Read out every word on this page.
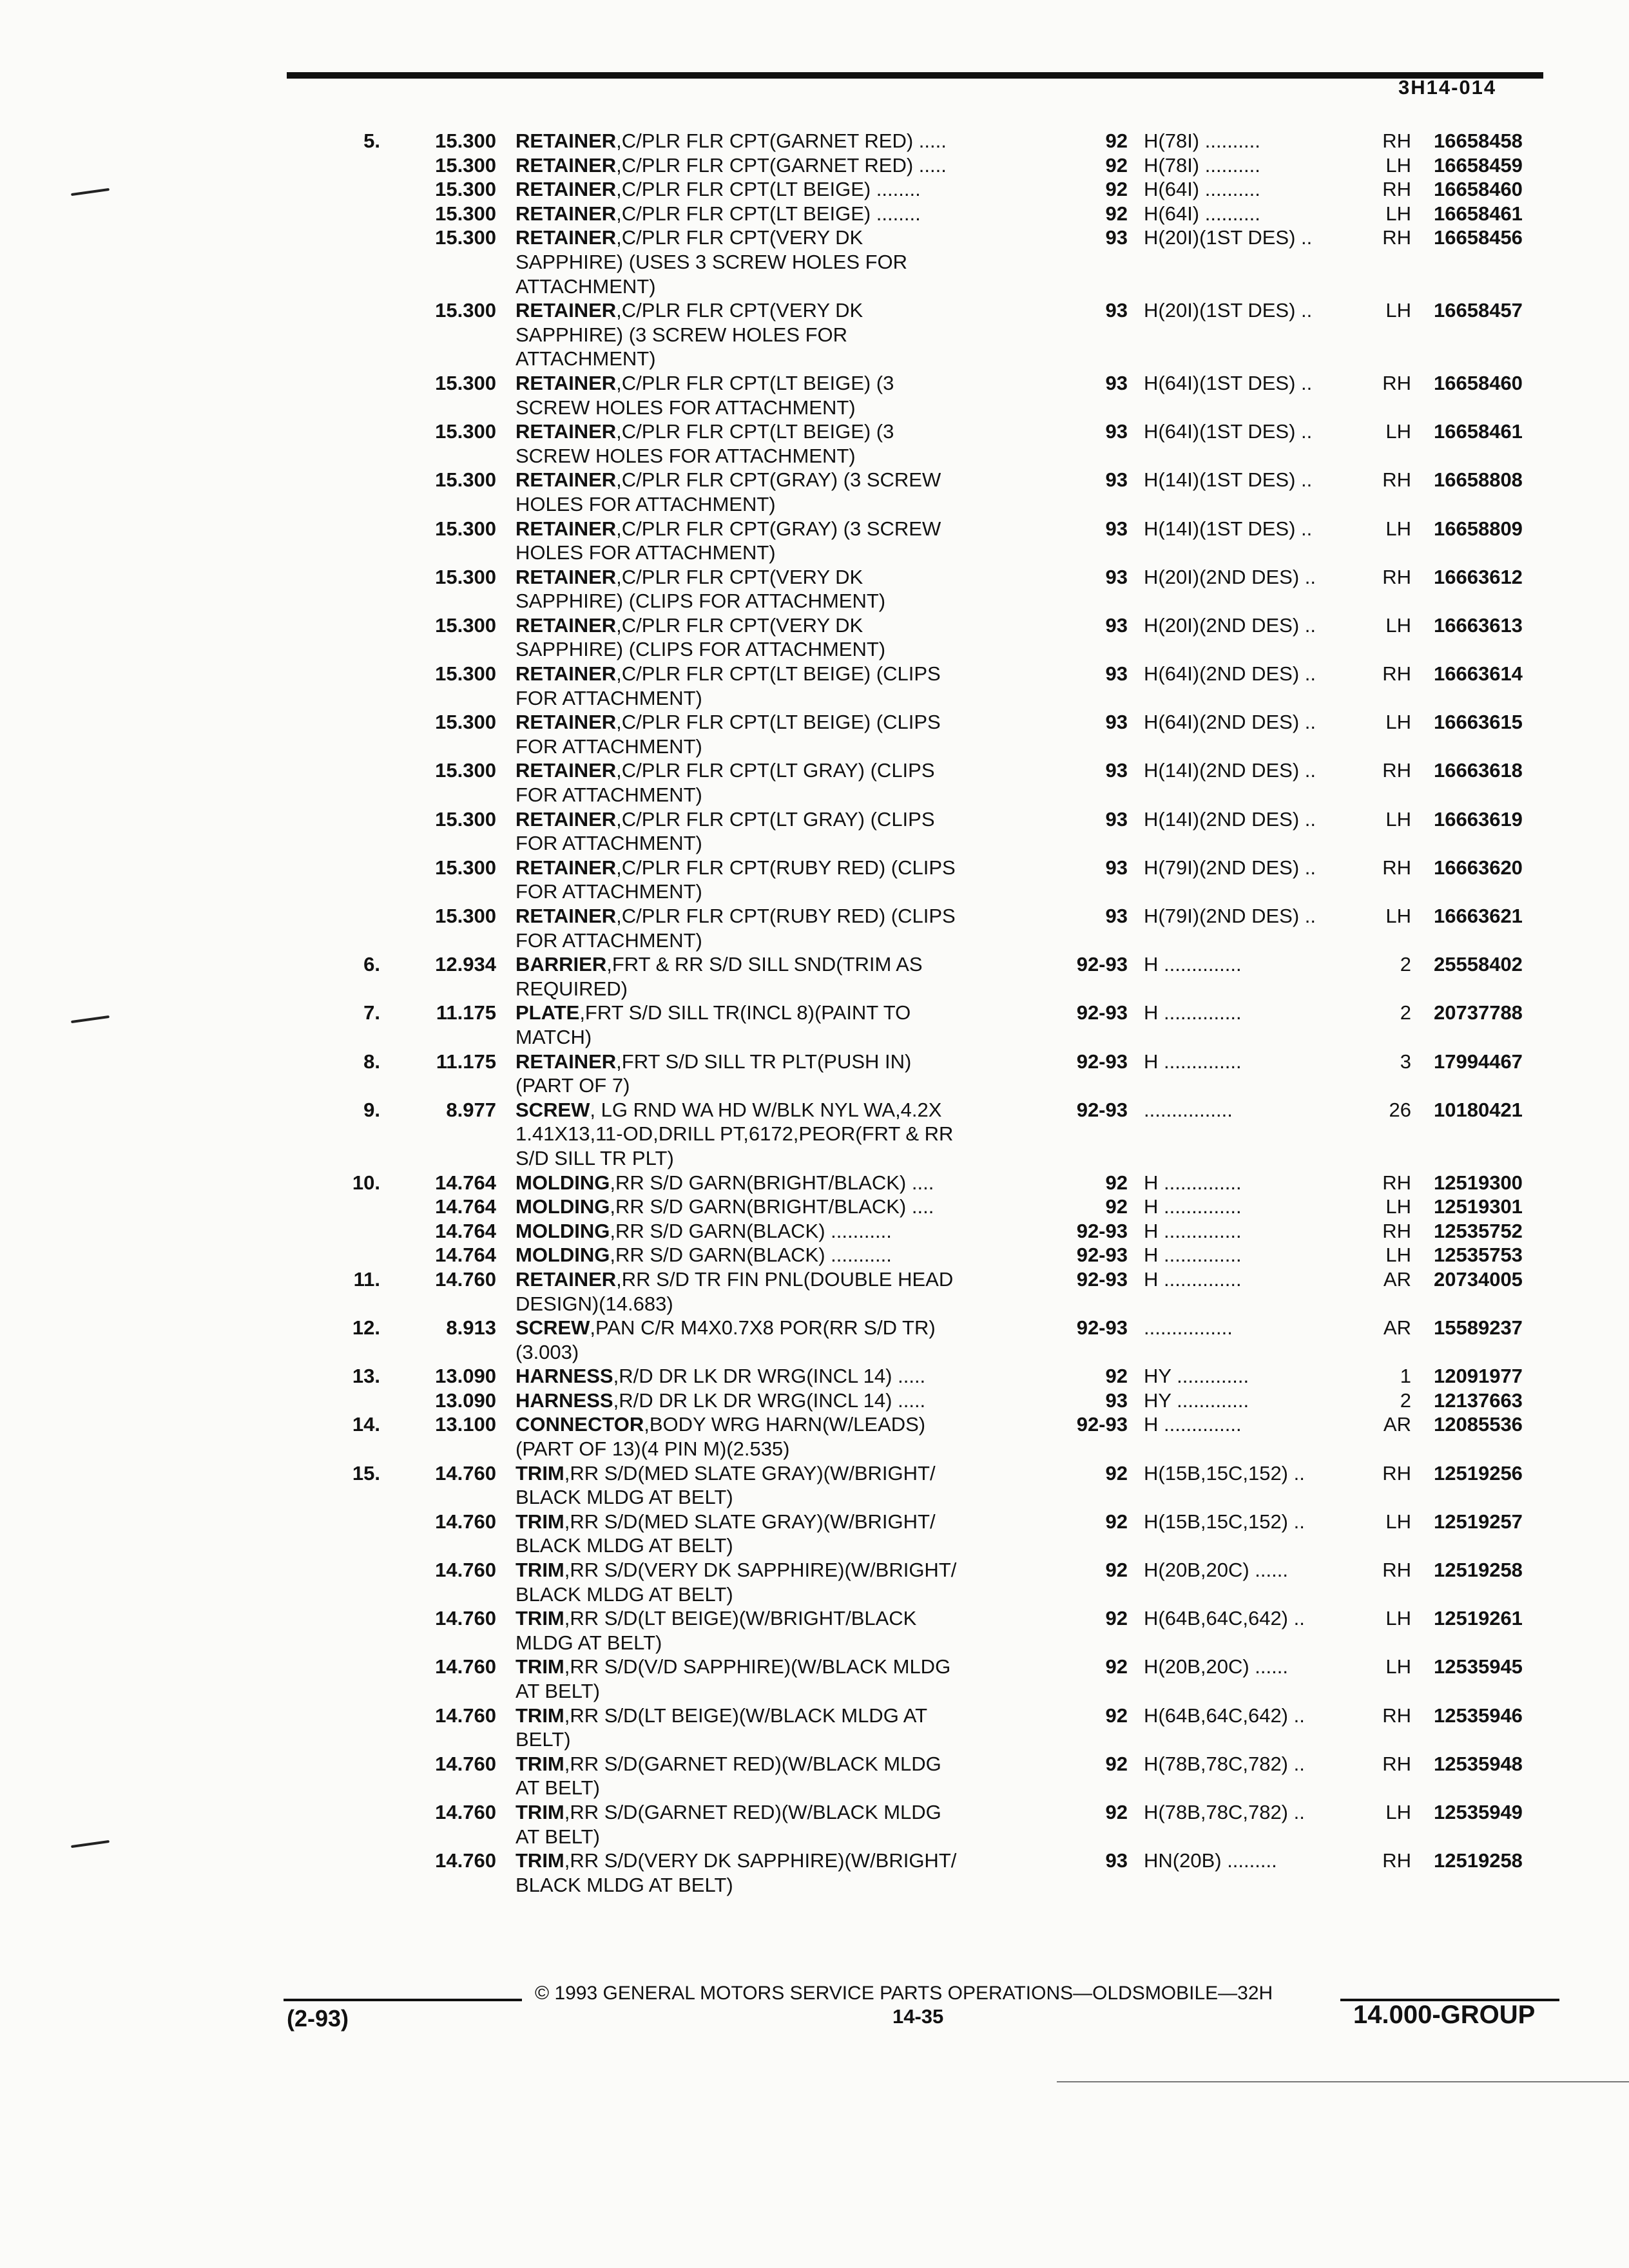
3H14-014
5.	15.300 RETAINER,C/PLR FLR CPT(GARNET RED) .....	92 H(78I) ..........	RH 16658458
15.300 RETAINER,C/PLR FLR CPT(GARNET RED) .....	92 H(78I) ..........	LH 16658459
15.300 RETAINER,C/PLR FLR CPT(LT BEIGE) ........	92 H(64I) ..........	RH 16658460
15.300 RETAINER,C/PLR FLR CPT(LT BEIGE) ........	92 H(64I) ..........	LH 16658461
15.300 RETAINER,C/PLR FLR CPT(VERY DK	93 H(20I)(1ST DES) ..	RH 16658456
SAPPHIRE) (USES 3 SCREW HOLES FOR
ATTACHMENT)
15.300 RETAINER,C/PLR FLR CPT(VERY DK	93 H(20I)(1ST DES) ..	LH 16658457
SAPPHIRE) (3 SCREW HOLES FOR
ATTACHMENT)
15.300 RETAINER,C/PLR FLR CPT(LT BEIGE) (3	93 H(64I)(1ST DES) ..	RH 16658460
SCREW HOLES FOR ATTACHMENT)
15.300 RETAINER,C/PLR FLR CPT(LT BEIGE) (3	93 H(64I)(1ST DES) ..	LH 16658461
SCREW HOLES FOR ATTACHMENT)
15.300 RETAINER,C/PLR FLR CPT(GRAY) (3 SCREW	93 H(14I)(1ST DES) ..	RH 16658808
HOLES FOR ATTACHMENT)
15.300 RETAINER,C/PLR FLR CPT(GRAY) (3 SCREW	93 H(14I)(1ST DES) ..	LH 16658809
HOLES FOR ATTACHMENT)
15.300 RETAINER,C/PLR FLR CPT(VERY DK	93 H(20I)(2ND DES) ..	RH 16663612
SAPPHIRE) (CLIPS FOR ATTACHMENT)
15.300 RETAINER,C/PLR FLR CPT(VERY DK	93 H(20I)(2ND DES) ..	LH 16663613
SAPPHIRE) (CLIPS FOR ATTACHMENT)
15.300 RETAINER,C/PLR FLR CPT(LT BEIGE) (CLIPS	93 H(64I)(2ND DES) ..	RH 16663614
FOR ATTACHMENT)
15.300 RETAINER,C/PLR FLR CPT(LT BEIGE) (CLIPS	93 H(64I)(2ND DES) ..	LH 16663615
FOR ATTACHMENT)
15.300 RETAINER,C/PLR FLR CPT(LT GRAY) (CLIPS	93 H(14I)(2ND DES) ..	RH 16663618
FOR ATTACHMENT)
15.300 RETAINER,C/PLR FLR CPT(LT GRAY) (CLIPS	93 H(14I)(2ND DES) ..	LH 16663619
FOR ATTACHMENT)
15.300 RETAINER,C/PLR FLR CPT(RUBY RED) (CLIPS	93 H(79I)(2ND DES) ..	RH 16663620
FOR ATTACHMENT)
15.300 RETAINER,C/PLR FLR CPT(RUBY RED) (CLIPS	93 H(79I)(2ND DES) ..	LH 16663621
FOR ATTACHMENT)
6.	12.934 BARRIER,FRT & RR S/D SILL SND(TRIM AS	92-93 H ..............	2 25558402
REQUIRED)
7.	11.175 PLATE,FRT S/D SILL TR(INCL 8)(PAINT TO	92-93 H ..............	2 20737788
MATCH)
8.	11.175 RETAINER,FRT S/D SILL TR PLT(PUSH IN)	92-93 H ..............	3 17994467
(PART OF 7)
9.	8.977 SCREW, LG RND WA HD W/BLK NYL WA,4.2X	92-93 ................	26 10180421
1.41X13,11-OD,DRILL PT,6172,PEOR(FRT & RR
S/D SILL TR PLT)
10.	14.764 MOLDING,RR S/D GARN(BRIGHT/BLACK) ....	92 H ..............	RH 12519300
14.764 MOLDING,RR S/D GARN(BRIGHT/BLACK) ....	92 H ..............	LH 12519301
14.764 MOLDING,RR S/D GARN(BLACK) ...........	92-93 H ..............	RH 12535752
14.764 MOLDING,RR S/D GARN(BLACK) ...........	92-93 H ..............	LH 12535753
11.	14.760 RETAINER,RR S/D TR FIN PNL(DOUBLE HEAD	92-93 H ..............	AR 20734005
DESIGN)(14.683)
12.	8.913 SCREW,PAN C/R M4X0.7X8 POR(RR S/D TR)	92-93 ................	AR 15589237
(3.003)
13.	13.090 HARNESS,R/D DR LK DR WRG(INCL 14) .....	92 HY .............	1 12091977
13.090 HARNESS,R/D DR LK DR WRG(INCL 14) .....	93 HY .............	2 12137663
14.	13.100 CONNECTOR,BODY WRG HARN(W/LEADS)	92-93 H ..............	AR 12085536
(PART OF 13)(4 PIN M)(2.535)
15.	14.760 TRIM,RR S/D(MED SLATE GRAY)(W/BRIGHT/	92 H(15B,15C,152) ..	RH 12519256
BLACK MLDG AT BELT)
14.760 TRIM,RR S/D(MED SLATE GRAY)(W/BRIGHT/	92 H(15B,15C,152) ..	LH 12519257
BLACK MLDG AT BELT)
14.760 TRIM,RR S/D(VERY DK SAPPHIRE)(W/BRIGHT/	92 H(20B,20C) ......	RH 12519258
BLACK MLDG AT BELT)
14.760 TRIM,RR S/D(LT BEIGE)(W/BRIGHT/BLACK	92 H(64B,64C,642) ..	LH 12519261
MLDG AT BELT)
14.760 TRIM,RR S/D(V/D SAPPHIRE)(W/BLACK MLDG	92 H(20B,20C) ......	LH 12535945
AT BELT)
14.760 TRIM,RR S/D(LT BEIGE)(W/BLACK MLDG AT	92 H(64B,64C,642) ..	RH 12535946
BELT)
14.760 TRIM,RR S/D(GARNET RED)(W/BLACK MLDG	92 H(78B,78C,782) ..	RH 12535948
AT BELT)
14.760 TRIM,RR S/D(GARNET RED)(W/BLACK MLDG	92 H(78B,78C,782) ..	LH 12535949
AT BELT)
14.760 TRIM,RR S/D(VERY DK SAPPHIRE)(W/BRIGHT/	93 HN(20B) .........	RH 12519258
BLACK MLDG AT BELT)
© 1993 GENERAL MOTORS SERVICE PARTS OPERATIONS—OLDSMOBILE—32H
(2-93)	14-35	14.000-GROUP
